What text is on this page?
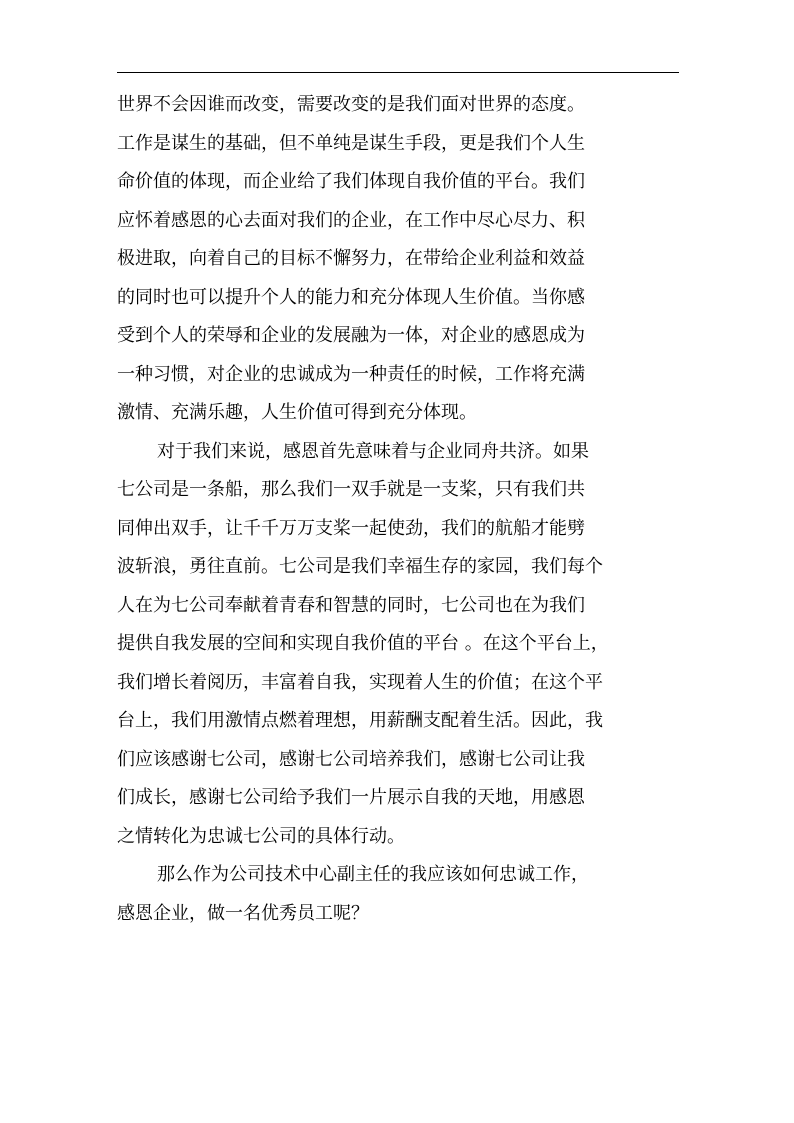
世界不会因谁而改变，需要改变的是我们面对世界的态度。
工作是谋生的基础，但不单纯是谋生手段，更是我们个人生
命价值的体现，而企业给了我们体现自我价值的平台。我们
应怀着感恩的心去面对我们的企业，在工作中尽心尽力、积
极进取，向着自己的目标不懈努力，在带给企业利益和效益
的同时也可以提升个人的能力和充分体现人生价值。当你感
受到个人的荣辱和企业的发展融为一体，对企业的感恩成为
一种习惯，对企业的忠诚成为一种责任的时候，工作将充满
激情、充满乐趣，人生价值可得到充分体现。
对于我们来说，感恩首先意味着与企业同舟共济。如果
七公司是一条船，那么我们一双手就是一支桨，只有我们共
同伸出双手，让千千万万支桨一起使劲，我们的航船才能劈
波斩浪，勇往直前。七公司是我们幸福生存的家园，我们每个
人在为七公司奉献着青春和智慧的同时，七公司也在为我们
提供自我发展的空间和实现自我价值的平台 。在这个平台上，
我们增长着阅历，丰富着自我，实现着人生的价值；在这个平
台上，我们用激情点燃着理想，用薪酬支配着生活。因此，我
们应该感谢七公司，感谢七公司培养我们，感谢七公司让我
们成长，感谢七公司给予我们一片展示自我的天地，用感恩
之情转化为忠诚七公司的具体行动。
那么作为公司技术中心副主任的我应该如何忠诚工作，
感恩企业，做一名优秀员工呢？
